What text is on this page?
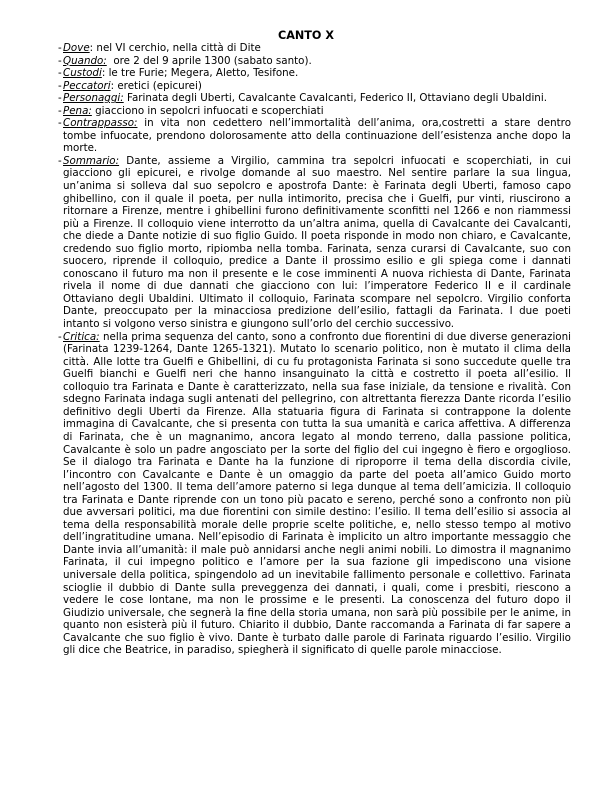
CANTO X
- Dove: nel VI cerchio, nella città di Dite
- Quando:  ore 2 del 9 aprile 1300 (sabato santo).
- Custodi: le tre Furie; Megera, Aletto, Tesifone.
- Peccatori: eretici (epicurei)
- Personaggi: Farinata degli Uberti, Cavalcante Cavalcanti, Federico II, Ottaviano degli Ubaldini.
- Pena: giacciono in sepolcri infuocati e scoperchiati
- Contrappasso: in vita non cedettero nell’immortalità dell’anima, ora,costretti a stare dentro tombe infuocate, prendono dolorosamente atto della continuazione dell’esistenza anche dopo la morte.
- Sommario: Dante, assieme a Virgilio, cammina tra sepolcri infuocati e scoperchiati, in cui giacciono gli epicurei, e rivolge domande al suo maestro. Nel sentire parlare la sua lingua, un’anima si solleva dal suo sepolcro e apostrofa Dante: è Farinata degli Uberti, famoso capo ghibellino, con il quale il poeta, per nulla intimorito, precisa che i Guelfi, pur vinti, riuscirono a ritornare a Firenze, mentre i ghibellini furono definitivamente sconfitti nel 1266 e non riammessi più a Firenze. Il colloquio viene interrotto da un’altra anima, quella di Cavalcante dei Cavalcanti, che diede a Dante notizie di suo figlio Guido. Il poeta risponde in modo non chiaro, e Cavalcante, credendo suo figlio morto, ripiomba nella tomba. Farinata, senza curarsi di Cavalcante, suo con suocero, riprende il colloquio, predice a Dante il prossimo esilio e gli spiega come i dannati conoscano il futuro ma non il presente e le cose imminenti A nuova richiesta di Dante, Farinata rivela il nome di due dannati che giacciono con lui: l’imperatore Federico II e il cardinale Ottaviano degli Ubaldini. Ultimato il colloquio, Farinata scompare nel sepolcro. Virgilio conforta Dante, preoccupato per la minacciosa predizione dell’esilio, fattagli da Farinata. I due poeti intanto si volgono verso sinistra e giungono sull’orlo del cerchio successivo.
- Critica: nella prima sequenza del canto, sono a confronto due fiorentini di due diverse generazioni (Farinata 1239-1264, Dante 1265-1321). Mutato lo scenario politico, non è mutato il clima della città. Alle lotte tra Guelfi e Ghibellini, di cu fu protagonista Farinata si sono succedute quelle tra Guelfi bianchi e Guelfi neri che hanno insanguinato la città e costretto il poeta all’esilio. Il colloquio tra Farinata e Dante è caratterizzato, nella sua fase iniziale, da tensione e rivalità. Con sdegno Farinata indaga sugli antenati del pellegrino, con altrettanta fierezza Dante ricorda l’esilio definitivo degli Uberti da Firenze. Alla statuaria figura di Farinata si contrappone la dolente immagina di Cavalcante, che si presenta con tutta la sua umanità e carica affettiva. A differenza di Farinata, che è un magnanimo, ancora legato al mondo terreno, dalla passione politica, Cavalcante è solo un padre angosciato per la sorte del figlio del cui ingegno è fiero e orgoglioso. Se il dialogo tra Farinata e Dante ha la funzione di riproporre il tema della discordia civile, l’incontro con Cavalcante e Dante è un omaggio da parte del poeta all’amico Guido morto nell’agosto del 1300. Il tema dell’amore paterno si lega dunque al tema dell’amicizia. Il colloquio tra Farinata e Dante riprende con un tono più pacato e sereno, perché sono a confronto non più due avversari politici, ma due fiorentini con simile destino: l’esilio. Il tema dell’esilio si associa al tema della responsabilità morale delle proprie scelte politiche, e, nello stesso tempo al motivo dell’ingratitudine umana. Nell’episodio di Farinata è implicito un altro importante messaggio che Dante invia all’umanità: il male può annidarsi anche negli animi nobili. Lo dimostra il magnanimo Farinata, il cui impegno politico e l’amore per la sua fazione gli impediscono una visione universale della politica, spingendolo ad un inevitabile fallimento personale e collettivo. Farinata scioglie il dubbio di Dante sulla preveggenza dei dannati, i quali, come i presbiti, riescono a vedere le cose lontane, ma non le prossime e le presenti. La conoscenza del futuro dopo il Giudizio universale, che segnerà la fine della storia umana, non sarà più possibile per le anime, in quanto non esisterà più il futuro. Chiarito il dubbio, Dante raccomanda a Farinata di far sapere a Cavalcante che suo figlio è vivo. Dante è turbato dalle parole di Farinata riguardo l’esilio. Virgilio gli dice che Beatrice, in paradiso, spiegherà il significato di quelle parole minacciose.
